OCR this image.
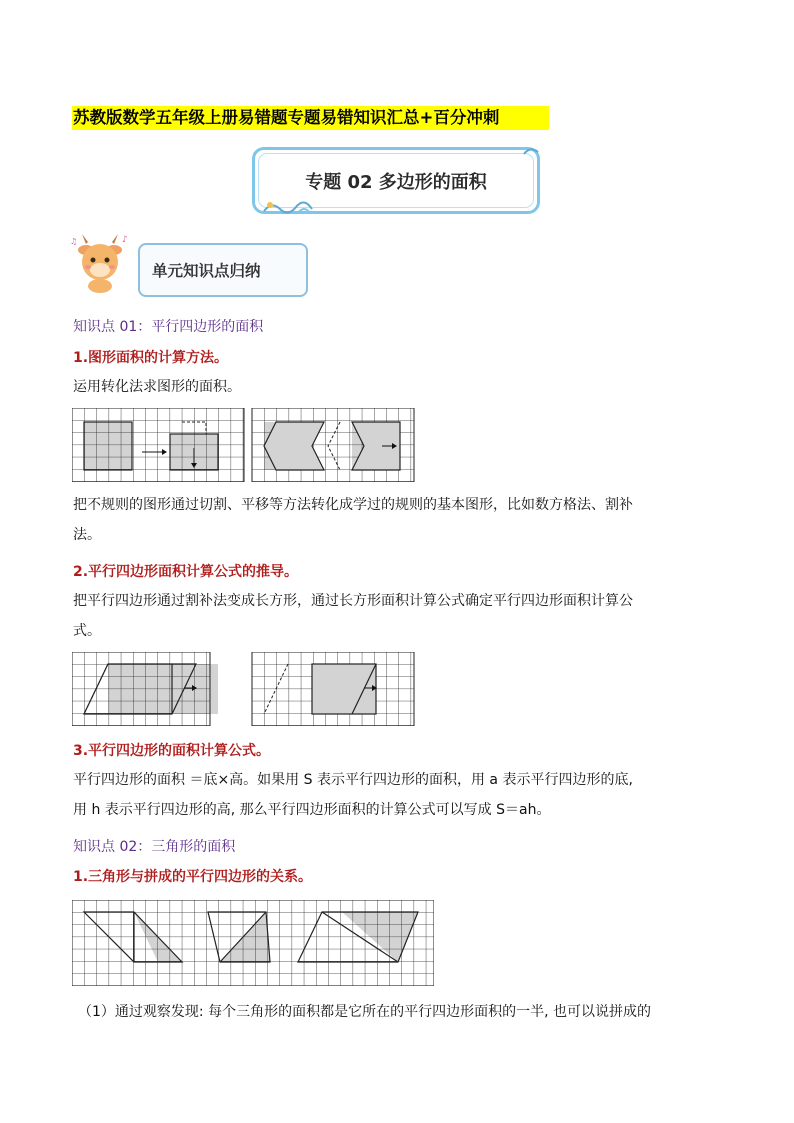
苏教版数学五年级上册易错题专题易错知识汇总+百分冲刺
专题 02 多边形的面积
♪
♫
单元知识点归纳
知识点 01：平行四边形的面积
1.图形面积的计算方法。
运用转化法求图形的面积。
把不规则的图形通过切割、平移等方法转化成学过的规则的基本图形，比如数方格法、割补
法。
2.平行四边形面积计算公式的推导。
把平行四边形通过割补法变成长方形，通过长方形面积计算公式确定平行四边形面积计算公
式。
3.平行四边形的面积计算公式。
平行四边形的面积 ＝底×高。如果用 S 表示平行四边形的面积，用 a 表示平行四边形的底,
用 h 表示平行四边形的高, 那么平行四边形面积的计算公式可以写成 S＝ah。
知识点 02：三角形的面积
1.三角形与拼成的平行四边形的关系。
（1）通过观察发现: 每个三角形的面积都是它所在的平行四边形面积的一半, 也可以说拼成的
